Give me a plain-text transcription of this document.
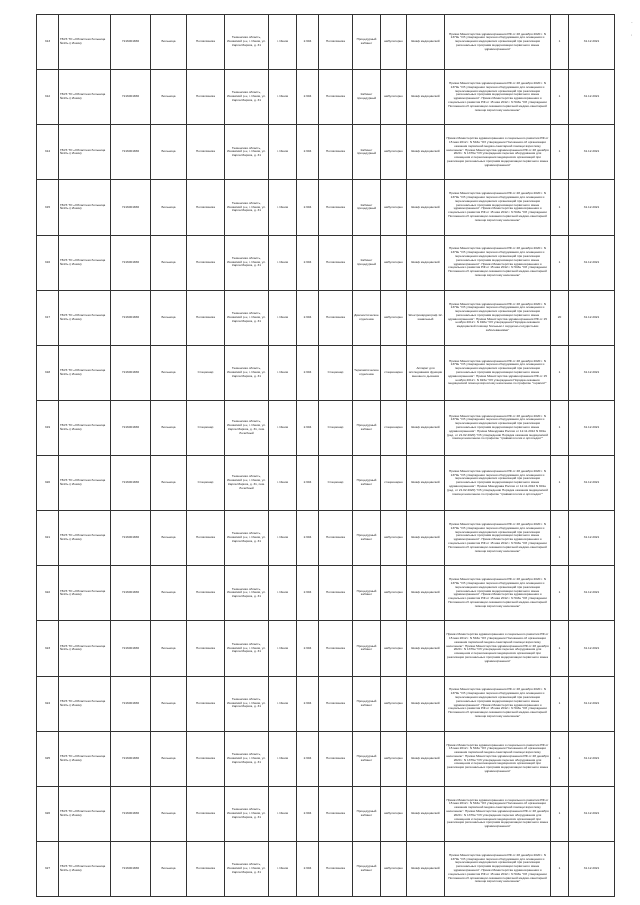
313	ГБУЗ ТО «Областная больница №13» (г.Ишим)	7216001836	Больница	Поликлиника	Тюменская область, Ишимский р-н, г. Ишим, ул. Карла Маркса, д. 31	г. Ишим	2.604	Поликлиника	Процедурный кабинет	амбулаторно	Шкаф медицинский	Приказ Министерства здравоохранения РФ от 28 декабря 2020 г. N 1379н "Об утверждении перечня оборудования для оснащения и переоснащения медицинских организаций при реализации региональных программ модернизации первичного звена здравоохранения"	1	31.12.2021
312	ГБУЗ ТО «Областная больница №13» (г.Ишим)	7216001836	Больница	Поликлиника	Тюменская область, Ишимский р-н, г. Ишим, ул. Карла Маркса, д. 31	г. Ишим	2.604	Поликлиника	Кабинет процедурный	амбулаторно	Шкаф медицинский	Приказ Министерства здравоохранения РФ от 28 декабря 2020 г. N 1379н "Об утверждении перечня оборудования для оснащения и переоснащения медицинских организаций при реализации региональных программ модернизации первичного звена здравоохранения". Приказ Министерства здравоохранения и социального развития РФ от 15 мая 2012 г. N 543н "Об утверждении Положения об организации оказания первичной медико-санитарной помощи взрослому населению"	1	31.12.2021
314	ГБУЗ ТО «Областная больница №13» (г.Ишим)	7216001836	Больница	Поликлиника	Тюменская область, Ишимский р-н, г. Ишим, ул. Карла Маркса, д. 31	г. Ишим	2.604	Поликлиника	Кабинет процедурный	амбулаторно	Шкаф медицинский	Приказ Министерства здравоохранения и социального развития РФ от 15 мая 2012 г. N 543н "Об утверждении Положения об организации оказания первичной медико-санитарной помощи взрослому населению". Приказ Министерства здравоохранения РФ от 28 декабря 2020 г. N 1379н "Об утверждении перечня оборудования для оснащения и переоснащения медицинских организаций при реализации региональных программ модернизации первичного звена здравоохранения"	1	31.12.2021
315	ГБУЗ ТО «Областная больница №13» (г.Ишим)	7216001836	Больница	Поликлиника	Тюменская область, Ишимский р-н, г. Ишим, ул. Карла Маркса, д. 31	г. Ишим	2.604	Поликлиника	Кабинет процедурный	амбулаторно	Шкаф медицинский	Приказ Министерства здравоохранения РФ от 28 декабря 2020 г. N 1379н "Об утверждении перечня оборудования для оснащения и переоснащения медицинских организаций при реализации региональных программ модернизации первичного звена здравоохранения". Приказ Министерства здравоохранения и социального развития РФ от 15 мая 2012 г. N 543н "Об утверждении Положения об организации оказания первичной медико-санитарной помощи взрослому населению"	1	31.12.2021
316	ГБУЗ ТО «Областная больница №13» (г.Ишим)	7216001836	Больница	Поликлиника	Тюменская область, Ишимский р-н, г. Ишим, ул. Карла Маркса, д. 31	г. Ишим	2.604	Поликлиника	Кабинет процедурный	амбулаторно	Шкаф медицинский	Приказ Министерства здравоохранения РФ от 28 декабря 2020 г. N 1379н "Об утверждении перечня оборудования для оснащения и переоснащения медицинских организаций при реализации региональных программ модернизации первичного звена здравоохранения". Приказ Министерства здравоохранения и социального развития РФ от 15 мая 2012 г. N 543н "Об утверждении Положения об организации оказания первичной медико-санитарной помощи взрослому населению"	1	31.12.2021
317	ГБУЗ ТО «Областная больница №13» (г.Ишим)	7216001836	Больница	Поликлиника	Тюменская область, Ишимский р-н, г. Ишим, ул. Карла Маркса, д. 31	г. Ишим	2.604	Поликлиника	Диагностическое отделение	амбулаторно	Электрокардиограф 12-канальный	Приказ Министерства здравоохранения РФ от 28 декабря 2020 г. N 1379н "Об утверждении перечня оборудования для оснащения и переоснащения медицинских организаций при реализации региональных программ модернизации первичного звена здравоохранения". Приказ Министерства здравоохранения РФ от 15 ноября 2012 г. N 918н "Об утверждении Порядка оказания медицинской помощи больным с сердечно-сосудистыми заболеваниями"	20	31.12.2021
318	ГБУЗ ТО «Областная больница №13» (г.Ишим)	7216001836	Больница	Стационар	Тюменская область, Ишимский р-н, г. Ишим, ул. Карла Маркса, д. 31	г. Ишим	2.604	Стационар	Терапевтическое отделение	стационарно	Аппарат для исследования функции внешнего дыхания	Приказ Министерства здравоохранения РФ от 28 декабря 2020 г. N 1379н "Об утверждении перечня оборудования для оснащения и переоснащения медицинских организаций при реализации региональных программ модернизации первичного звена здравоохранения". Приказ Министерства здравоохранения РФ от 15 ноября 2012 г. N 923н "Об утверждении Порядка оказания медицинской помощи взрослому населению по профилю "терапия""	1	31.12.2021
319	ГБУЗ ТО «Областная больница №13» (г.Ишим)	7216001836	Больница	Стационар	Тюменская область, Ишимский р-н, г. Ишим, ул. Карла Маркса, д. 31, пом. Лечебный	г. Ишим	2.604	Стационар	Процедурный кабинет	стационарно	Шкаф медицинский	Приказ Министерства здравоохранения РФ от 28 декабря 2020 г. N 1379н "Об утверждении перечня оборудования для оснащения и переоснащения медицинских организаций при реализации региональных программ модернизации первичного звена здравоохранения". Приказ Минздрава России от 12.11.2012 N 901н (ред. от 21.02.2020) "Об утверждении Порядка оказания медицинской помощи населению по профилю "травматология и ортопедия""	1	31.12.2021
320	ГБУЗ ТО «Областная больница №13» (г.Ишим)	7216001836	Больница	Стационар	Тюменская область, Ишимский р-н, г. Ишим, ул. Карла Маркса, д. 31, пом. Лечебный	г. Ишим	2.604	Стационар	Процедурный кабинет	стационарно	Шкаф медицинский	Приказ Министерства здравоохранения РФ от 28 декабря 2020 г. N 1379н "Об утверждении перечня оборудования для оснащения и переоснащения медицинских организаций при реализации региональных программ модернизации первичного звена здравоохранения". Приказ Минздрава России от 12.11.2012 N 901н (ред. от 21.02.2020) "Об утверждении Порядка оказания медицинской помощи населению по профилю "травматология и ортопедия""	1	31.12.2021
321	ГБУЗ ТО «Областная больница №13» (г.Ишим)	7216001836	Больница	Поликлиника	Тюменская область, Ишимский р-н, г. Ишим, ул. Карла Маркса, д. 31	г. Ишим	2.604	Поликлиника	Процедурный кабинет	амбулаторно	Шкаф медицинский	Приказ Министерства здравоохранения РФ от 28 декабря 2020 г. N 1379н "Об утверждении перечня оборудования для оснащения и переоснащения медицинских организаций при реализации региональных программ модернизации первичного звена здравоохранения". Приказ Министерства здравоохранения и социального развития РФ от 15 мая 2012 г. N 543н "Об утверждении Положения об организации оказания первичной медико-санитарной помощи взрослому населению"	1	31.12.2021
322	ГБУЗ ТО «Областная больница №13» (г.Ишим)	7216001836	Больница	Поликлиника	Тюменская область, Ишимский р-н, г. Ишим, ул. Карла Маркса, д. 31	г. Ишим	2.604	Поликлиника	Процедурный кабинет	амбулаторно	Шкаф медицинский	Приказ Министерства здравоохранения РФ от 28 декабря 2020 г. N 1379н "Об утверждении перечня оборудования для оснащения и переоснащения медицинских организаций при реализации региональных программ модернизации первичного звена здравоохранения". Приказ Министерства здравоохранения и социального развития РФ от 15 мая 2012 г. N 543н "Об утверждении Положения об организации оказания первичной медико-санитарной помощи взрослому населению"	1	31.12.2021
323	ГБУЗ ТО «Областная больница №13» (г.Ишим)	7216001836	Больница	Поликлиника	Тюменская область, Ишимский р-н, г. Ишим, ул. Карла Маркса, д. 31	г. Ишим	2.604	Поликлиника	Процедурный кабинет	амбулаторно	Шкаф медицинский	Приказ Министерства здравоохранения и социального развития РФ от 15 мая 2012 г. N 543н "Об утверждении Положения об организации оказания первичной медико-санитарной помощи взрослому населению". Приказ Министерства здравоохранения РФ от 28 декабря 2020 г. N 1379н "Об утверждении перечня оборудования для оснащения и переоснащения медицинских организаций при реализации региональных программ модернизации первичного звена здравоохранения"	1	31.12.2021
324	ГБУЗ ТО «Областная больница №13» (г.Ишим)	7216001836	Больница	Поликлиника	Тюменская область, Ишимский р-н, г. Ишим, ул. Карла Маркса, д. 31	г. Ишим	2.604	Поликлиника	Процедурный кабинет	амбулаторно	Шкаф медицинский	Приказ Министерства здравоохранения РФ от 28 декабря 2020 г. N 1379н "Об утверждении перечня оборудования для оснащения и переоснащения медицинских организаций при реализации региональных программ модернизации первичного звена здравоохранения". Приказ Министерства здравоохранения и социального развития РФ от 15 мая 2012 г. N 543н "Об утверждении Положения об организации оказания первичной медико-санитарной помощи взрослому населению"	1	31.12.2021
325	ГБУЗ ТО «Областная больница №13» (г.Ишим)	7216001836	Больница	Поликлиника	Тюменская область, Ишимский р-н, г. Ишим, ул. Карла Маркса, д. 31	г. Ишим	2.604	Поликлиника	Процедурный кабинет	амбулаторно	Шкаф медицинский	Приказ Министерства здравоохранения и социального развития РФ от 15 мая 2012 г. N 543н "Об утверждении Положения об организации оказания первичной медико-санитарной помощи взрослому населению". Приказ Министерства здравоохранения РФ от 28 декабря 2020 г. N 1379н "Об утверждении перечня оборудования для оснащения и переоснащения медицинских организаций при реализации региональных программ модернизации первичного звена здравоохранения"	1	31.12.2021
326	ГБУЗ ТО «Областная больница №13» (г.Ишим)	7216001836	Больница	Поликлиника	Тюменская область, Ишимский р-н, г. Ишим, ул. Карла Маркса, д. 31	г. Ишим	2.604	Поликлиника	Процедурный кабинет	амбулаторно	Шкаф медицинский	Приказ Министерства здравоохранения и социального развития РФ от 15 мая 2012 г. N 543н "Об утверждении Положения об организации оказания первичной медико-санитарной помощи взрослому населению". Приказ Министерства здравоохранения РФ от 28 декабря 2020 г. N 1379н "Об утверждении перечня оборудования для оснащения и переоснащения медицинских организаций при реализации региональных программ модернизации первичного звена здравоохранения"	1	31.12.2021
327	ГБУЗ ТО «Областная больница №13» (г.Ишим)	7216001836	Больница	Поликлиника	Тюменская область, Ишимский р-н, г. Ишим, ул. Карла Маркса, д. 31	г. Ишим	2.604	Поликлиника	Процедурный кабинет	амбулаторно	Шкаф медицинский	Приказ Министерства здравоохранения РФ от 28 декабря 2020 г. N 1379н "Об утверждении перечня оборудования для оснащения и переоснащения медицинских организаций при реализации региональных программ модернизации первичного звена здравоохранения". Приказ Министерства здравоохранения и социального развития РФ от 15 мая 2012 г. N 543н "Об утверждении Положения об организации оказания первичной медико-санитарной помощи взрослому населению"	1	31.12.2021
-
'
